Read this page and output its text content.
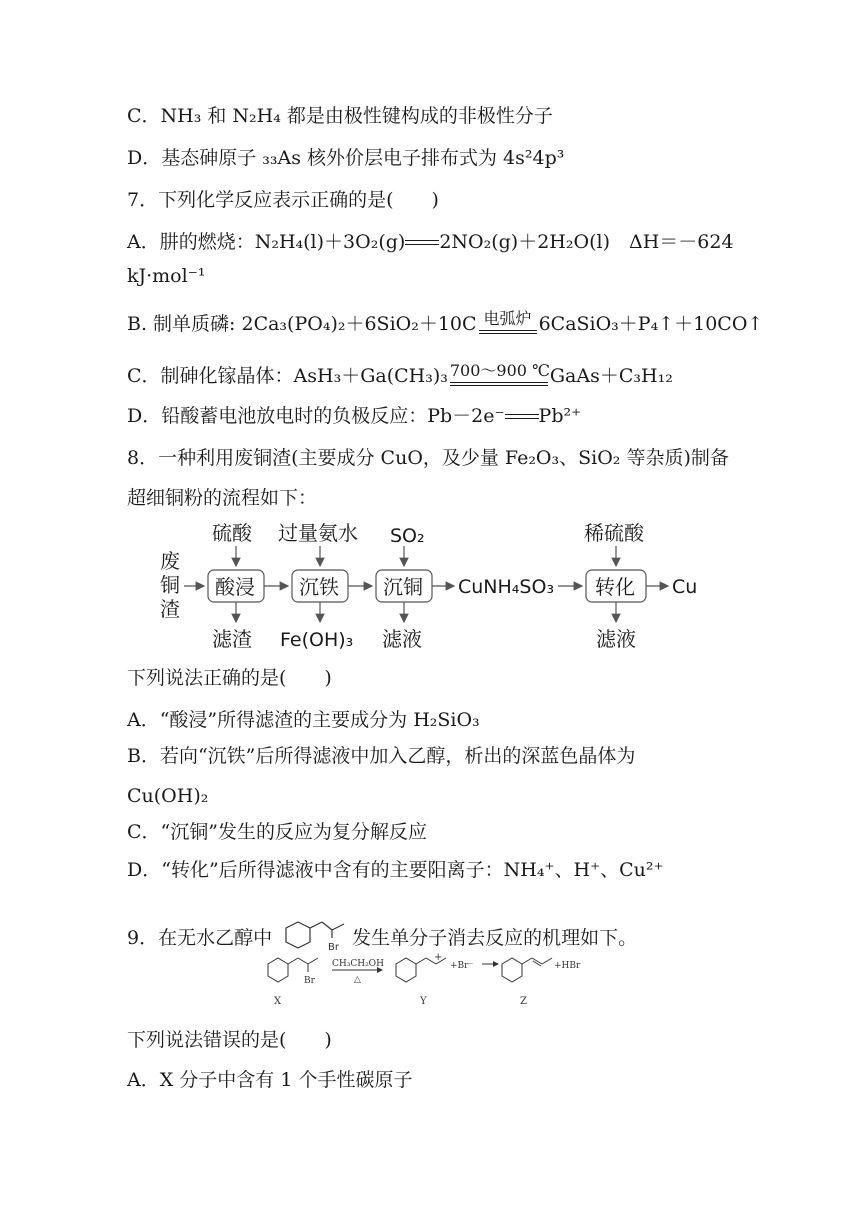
C．NH₃ 和 N₂H₄ 都是由极性键构成的非极性分子
D．基态砷原子 ₃₃As 核外价层电子排布式为 4s²4p³
7．下列化学反应表示正确的是(　　)
A．肼的燃烧：N₂H₄(l)＋3O₂(g) 2NO₂(g)＋2H₂O(l)　ΔH＝－624
kJ·mol⁻¹
B. 制单质磷: 2Ca₃(PO₄)₂＋6SiO₂＋10C 电弧炉 6CaSiO₃＋P₄↑＋10CO↑
C．制砷化镓晶体：AsH₃＋Ga(CH₃)₃ 700～900 ℃ GaAs＋C₃H₁₂
D．铅酸蓄电池放电时的负极反应：Pb－2e⁻ Pb²⁺
8．一种利用废铜渣(主要成分 CuO，及少量 Fe₂O₃、SiO₂ 等杂质)制备
超细铜粉的流程如下：
废
铜
渣
酸浸
硫酸
滤渣
沉铁
过量氨水
Fe(OH)₃
沉铜
SO₂
滤液
CuNH₄SO₃ 转化
稀硫酸
滤液
Cu
下列说法正确的是(　　)
A．“酸浸”所得滤渣的主要成分为 H₂SiO₃
B．若向“沉铁”后所得滤液中加入乙醇，析出的深蓝色晶体为
Cu(OH)₂
C．“沉铜”发生的反应为复分解反应
D．“转化”后所得滤液中含有的主要阳离子：NH₄⁺、H⁺、Cu²⁺
9．在无水乙醇中	Br 发生单分子消去反应的机理如下。
Br
X
CH₃CH₂OH
△
+
+Br⁻
Y
+HBr
Z
下列说法错误的是(　　)
A．X 分子中含有 1 个手性碳原子
